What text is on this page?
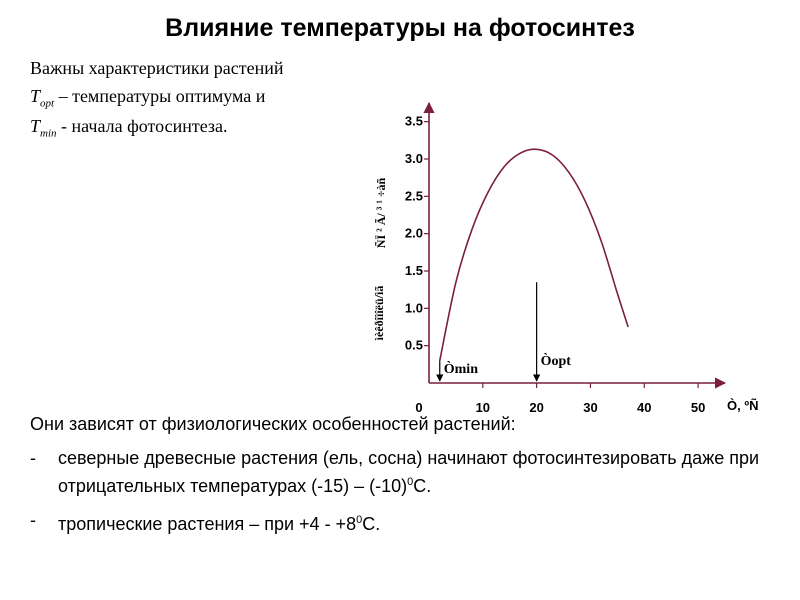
Влияние температуры на фотосинтез
Важны характеристики растений
$T_{opt}$ – температуры оптимума и
$T_{min}$ - начала фотосинтеза.
0.5
1.0
1.5
2.0
2.5
3.0
3.5
0	10	20	30	40	50 Ò, ºÑ
ÑÏ ² Ã/ ³ ¹ ÷àñ
ìèêðîìîëü/ìã
Òmin
Òopt

Они зависят от физиологических особенностей растений:

-	северные древесные растения (ель, сосна) начинают фотосинтезировать даже при отрицательных температурах $(-15) - (-10)^0С$.
-	тропические растения – при $+4 - +8^0С$.
